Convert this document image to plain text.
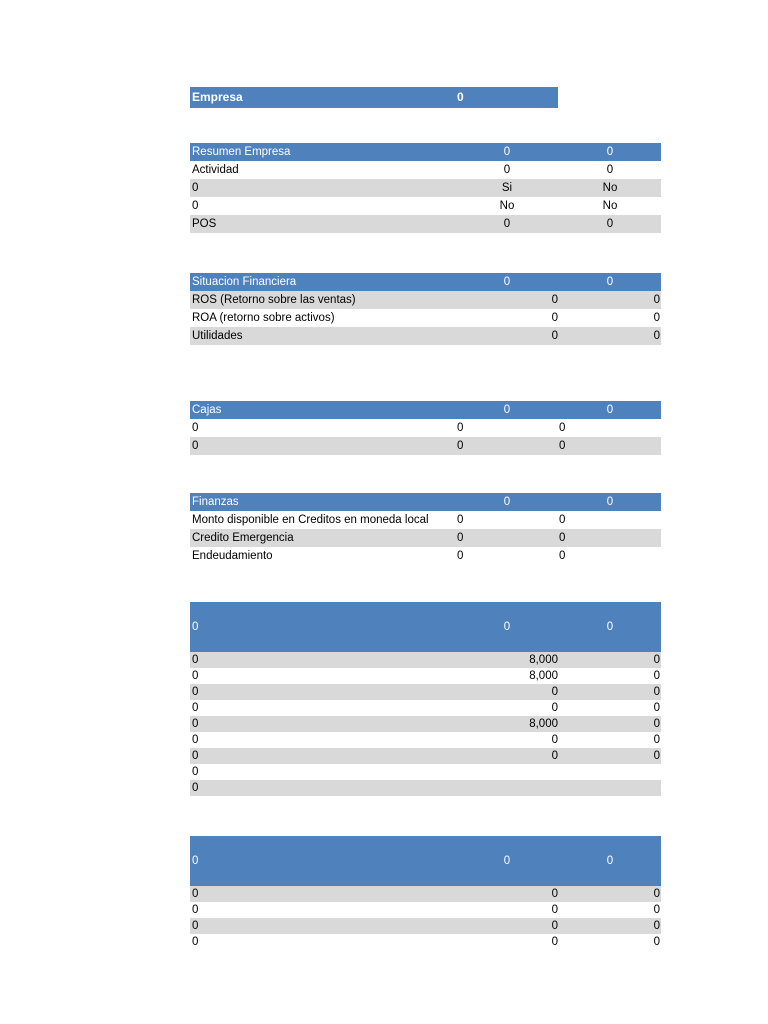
Empresa	0
Resumen Empresa	0	0
Actividad	0	0
0	Si	No
0	No	No
POS	0	0
Situacion Financiera	0	0
ROS (Retorno sobre las ventas)	0	0
ROA (retorno sobre activos)	0	0
Utilidades	0	0
Cajas	0	0
0	0	0
0	0	0
Finanzas	0	0
Monto disponible en Creditos en moneda local 0	0
Credito Emergencia	0	0
Endeudamiento	0	0
0	0	0
0	8,000	0
0	8,000	0
0	0	0
0	0	0
0	8,000	0
0	0	0
0	0	0
0
0
0	0	0
0	0	0
0	0	0
0	0	0
0	0	0
